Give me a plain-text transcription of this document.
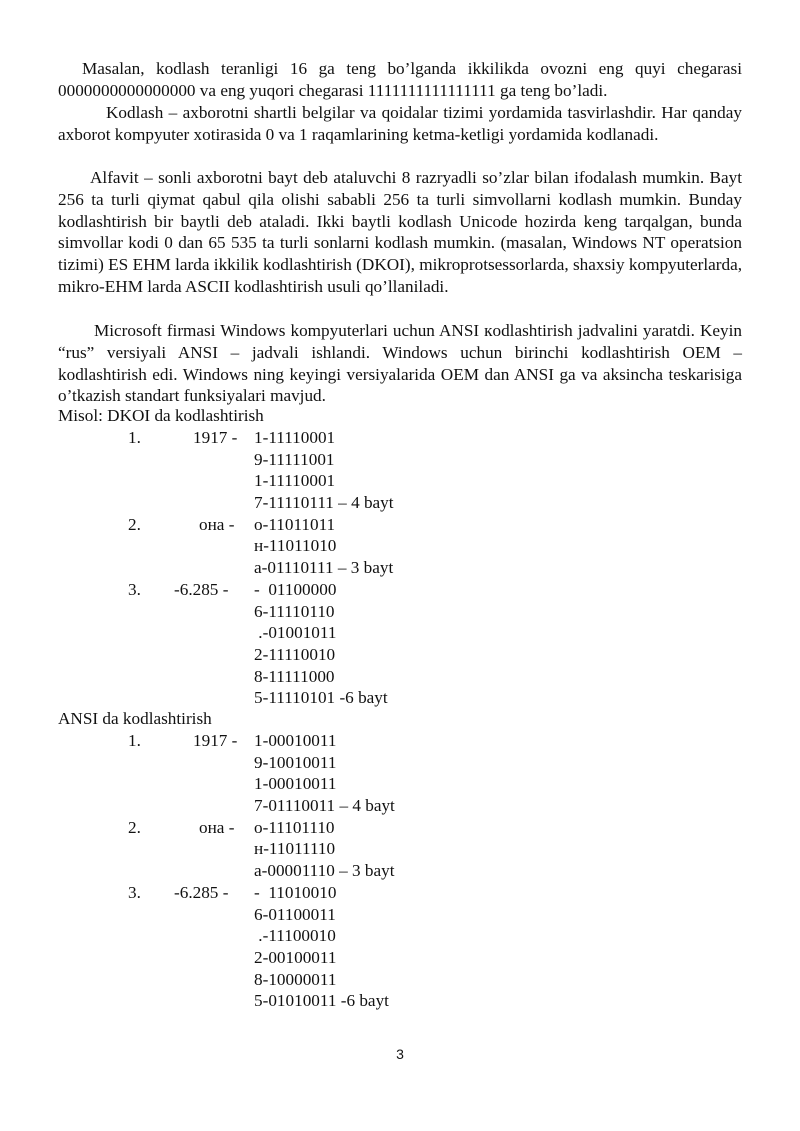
Masalan, kodlash teranligi 16 ga teng bo’lganda ikkilikda ovozni eng quyi chegarasi 0000000000000000 va eng yuqori chegarasi 1111111111111111 ga teng bo’ladi.

Kodlash – axborotni shartli belgilar va qoidalar tizimi yordamida tasvirlashdir. Har qanday axborot kompyuter xotirasida 0 va 1 raqamlarining ketma-ketligi yordamida kodlanadi.

Alfavit – sonli axborotni bayt deb ataluvchi 8 razryadli so’zlar bilan ifodalash mumkin. Bayt 256 ta turli qiymat qabul qila olishi sababli 256 ta turli simvollarni kodlash mumkin. Bunday kodlashtirish bir baytli deb ataladi. Ikki baytli kodlash Unicode hozirda keng tarqalgan, bunda simvollar kodi 0 dan 65 535 ta turli sonlarni kodlash mumkin. (masalan, Windows NT operatsion tizimi) ES EHM larda ikkilik kodlashtirish (DKOI), mikroprotsessorlarda, shaxsiy kompyuterlarda, mikro-EHM larda ASCII kodlashtirish usuli qo’llaniladi.

Microsoft firmasi Windows kompyuterlari uchun ANSI кodlashtirish jadvalini yaratdi. Keyin “rus” versiyali ANSI – jadvali ishlandi. Windows uchun birinchi kodlashtirish OEM – kodlashtirish edi. Windows ning keyingi versiyalarida OEM dan ANSI ga va aksincha teskarisiga o’tkazish standart funksiyalari mavjud.

Misol: DKOI da kodlashtirish
1.	1917 - 1-11110001
9-11111001
1-11110001
7-11110111 – 4 bayt
2.	она - о-11011011
н-11011010
а-01110111 – 3 bayt
3. -6.285 - -  01100000
6-11110110
.-01001011
2-11110010
8-11111000
5-11110101 -6 bayt
ANSI da kodlashtirish
1.	1917 - 1-00010011
9-10010011
1-00010011
7-01110011 – 4 bayt
2.	она - о-11101110
н-11011110
а-00001110 – 3 bayt
3. -6.285 - -  11010010
6-01100011
.-11100010
2-00100011
8-10000011
5-01010011 -6 bayt
3
